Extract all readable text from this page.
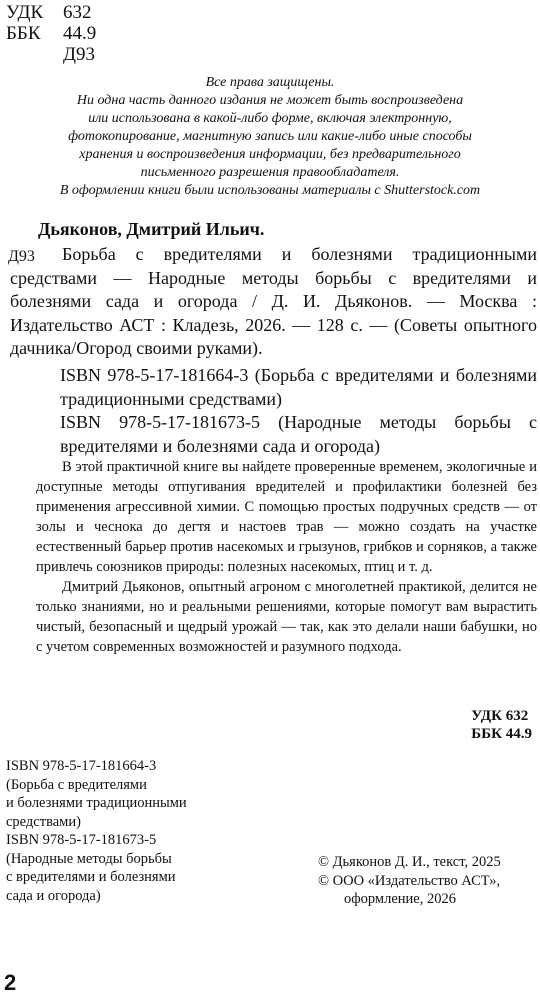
УДК	632
ББК	44.9
Д93
Все права защищены.
Ни одна часть данного издания не может быть воспроизведена
или использована в какой-либо форме, включая электронную,
фотокопирование, магнитную запись или какие-либо иные способы
хранения и воспроизведения информации, без предварительного
письменного разрешения правообладателя.
В оформлении книги были использованы материалы с Shutterstock.com
Дьяконов, Дмитрий Ильич.
Д93	Борьба с вредителями и болезнями традиционными средствами — Народные методы борьбы с вредителями и болезнями сада и огорода / Д. И. Дьяконов. — Москва : Издательство АСТ : Кладезь, 2026. — 128 с. — (Советы опытного дачника/Огород своими руками).

ISBN 978-5-17-181664-3 (Борьба с вредителями и болезнями традиционными средствами)

ISBN 978-5-17-181673-5 (Народные методы борьбы с вредителями и болезнями сада и огорода)

В этой практичной книге вы найдете проверенные временем, экологичные и доступные методы отпугивания вредителей и профилактики болезней без применения агрессивной химии. С помощью простых подручных средств — от золы и чеснока до дегтя и настоев трав — можно создать на участке естественный барьер против насекомых и грызунов, грибков и сорняков, а также привлечь союзников природы: полезных насекомых, птиц и т. д.

Дмитрий Дьяконов, опытный агроном с многолетней практикой, делится не только знаниями, но и реальными решениями, которые помогут вам вырастить чистый, безопасный и щедрый урожай — так, как это делали наши бабушки, но с учетом современных возможностей и разумного подхода.

УДК 632
ББК 44.9
ISBN 978-5-17-181664-3
(Борьба с вредителями
и болезнями традиционными
средствами)
ISBN 978-5-17-181673-5
(Народные методы борьбы
с вредителями и болезнями
сада и огорода)
© Дьяконов Д. И., текст, 2025
© ООО «Издательство АСТ»,
оформление, 2026
2
